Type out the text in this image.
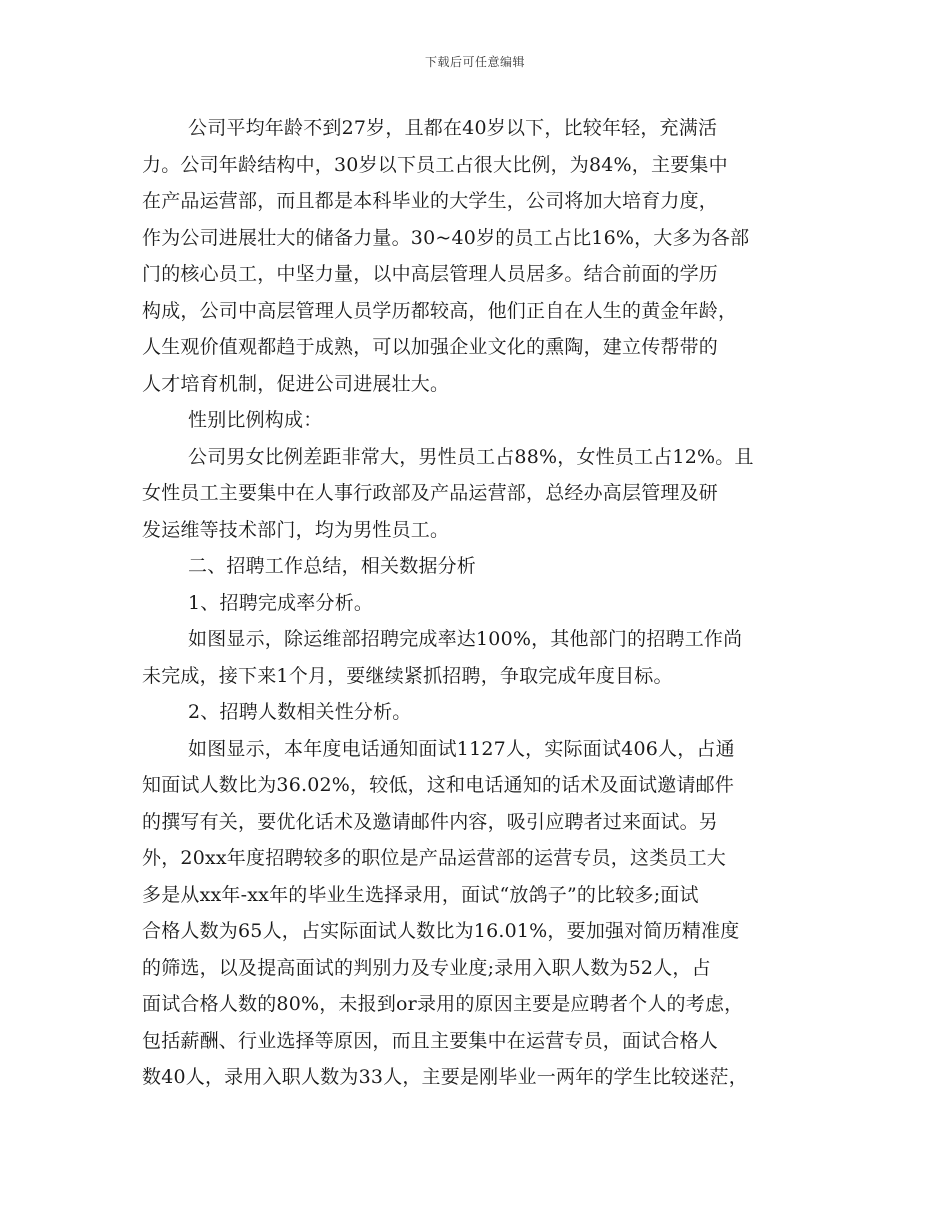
下载后可任意编辑
公司平均年龄不到27岁，且都在40岁以下，比较年轻，充满活
力。公司年龄结构中，30岁以下员工占很大比例，为84%，主要集中
在产品运营部，而且都是本科毕业的大学生，公司将加大培育力度，
作为公司进展壮大的储备力量。30~40岁的员工占比16%，大多为各部
门的核心员工，中坚力量，以中高层管理人员居多。结合前面的学历
构成，公司中高层管理人员学历都较高，他们正自在人生的黄金年龄，
人生观价值观都趋于成熟，可以加强企业文化的熏陶，建立传帮带的
人才培育机制，促进公司进展壮大。
性别比例构成：
公司男女比例差距非常大，男性员工占88%，女性员工占12%。且
女性员工主要集中在人事行政部及产品运营部，总经办高层管理及研
发运维等技术部门，均为男性员工。
二、招聘工作总结，相关数据分析
1、招聘完成率分析。
如图显示，除运维部招聘完成率达100%，其他部门的招聘工作尚
未完成，接下来1个月，要继续紧抓招聘，争取完成年度目标。
2、招聘人数相关性分析。
如图显示，本年度电话通知面试1127人，实际面试406人，占通
知面试人数比为36.02%，较低，这和电话通知的话术及面试邀请邮件
的撰写有关，要优化话术及邀请邮件内容，吸引应聘者过来面试。另
外，20xx年度招聘较多的职位是产品运营部的运营专员，这类员工大
多是从xx年-xx年的毕业生选择录用，面试“放鸽子”的比较多;面试
合格人数为65人，占实际面试人数比为16.01%，要加强对简历精准度
的筛选，以及提高面试的判别力及专业度;录用入职人数为52人，占
面试合格人数的80%，未报到or录用的原因主要是应聘者个人的考虑，
包括薪酬、行业选择等原因，而且主要集中在运营专员，面试合格人
数40人，录用入职人数为33人，主要是刚毕业一两年的学生比较迷茫，
